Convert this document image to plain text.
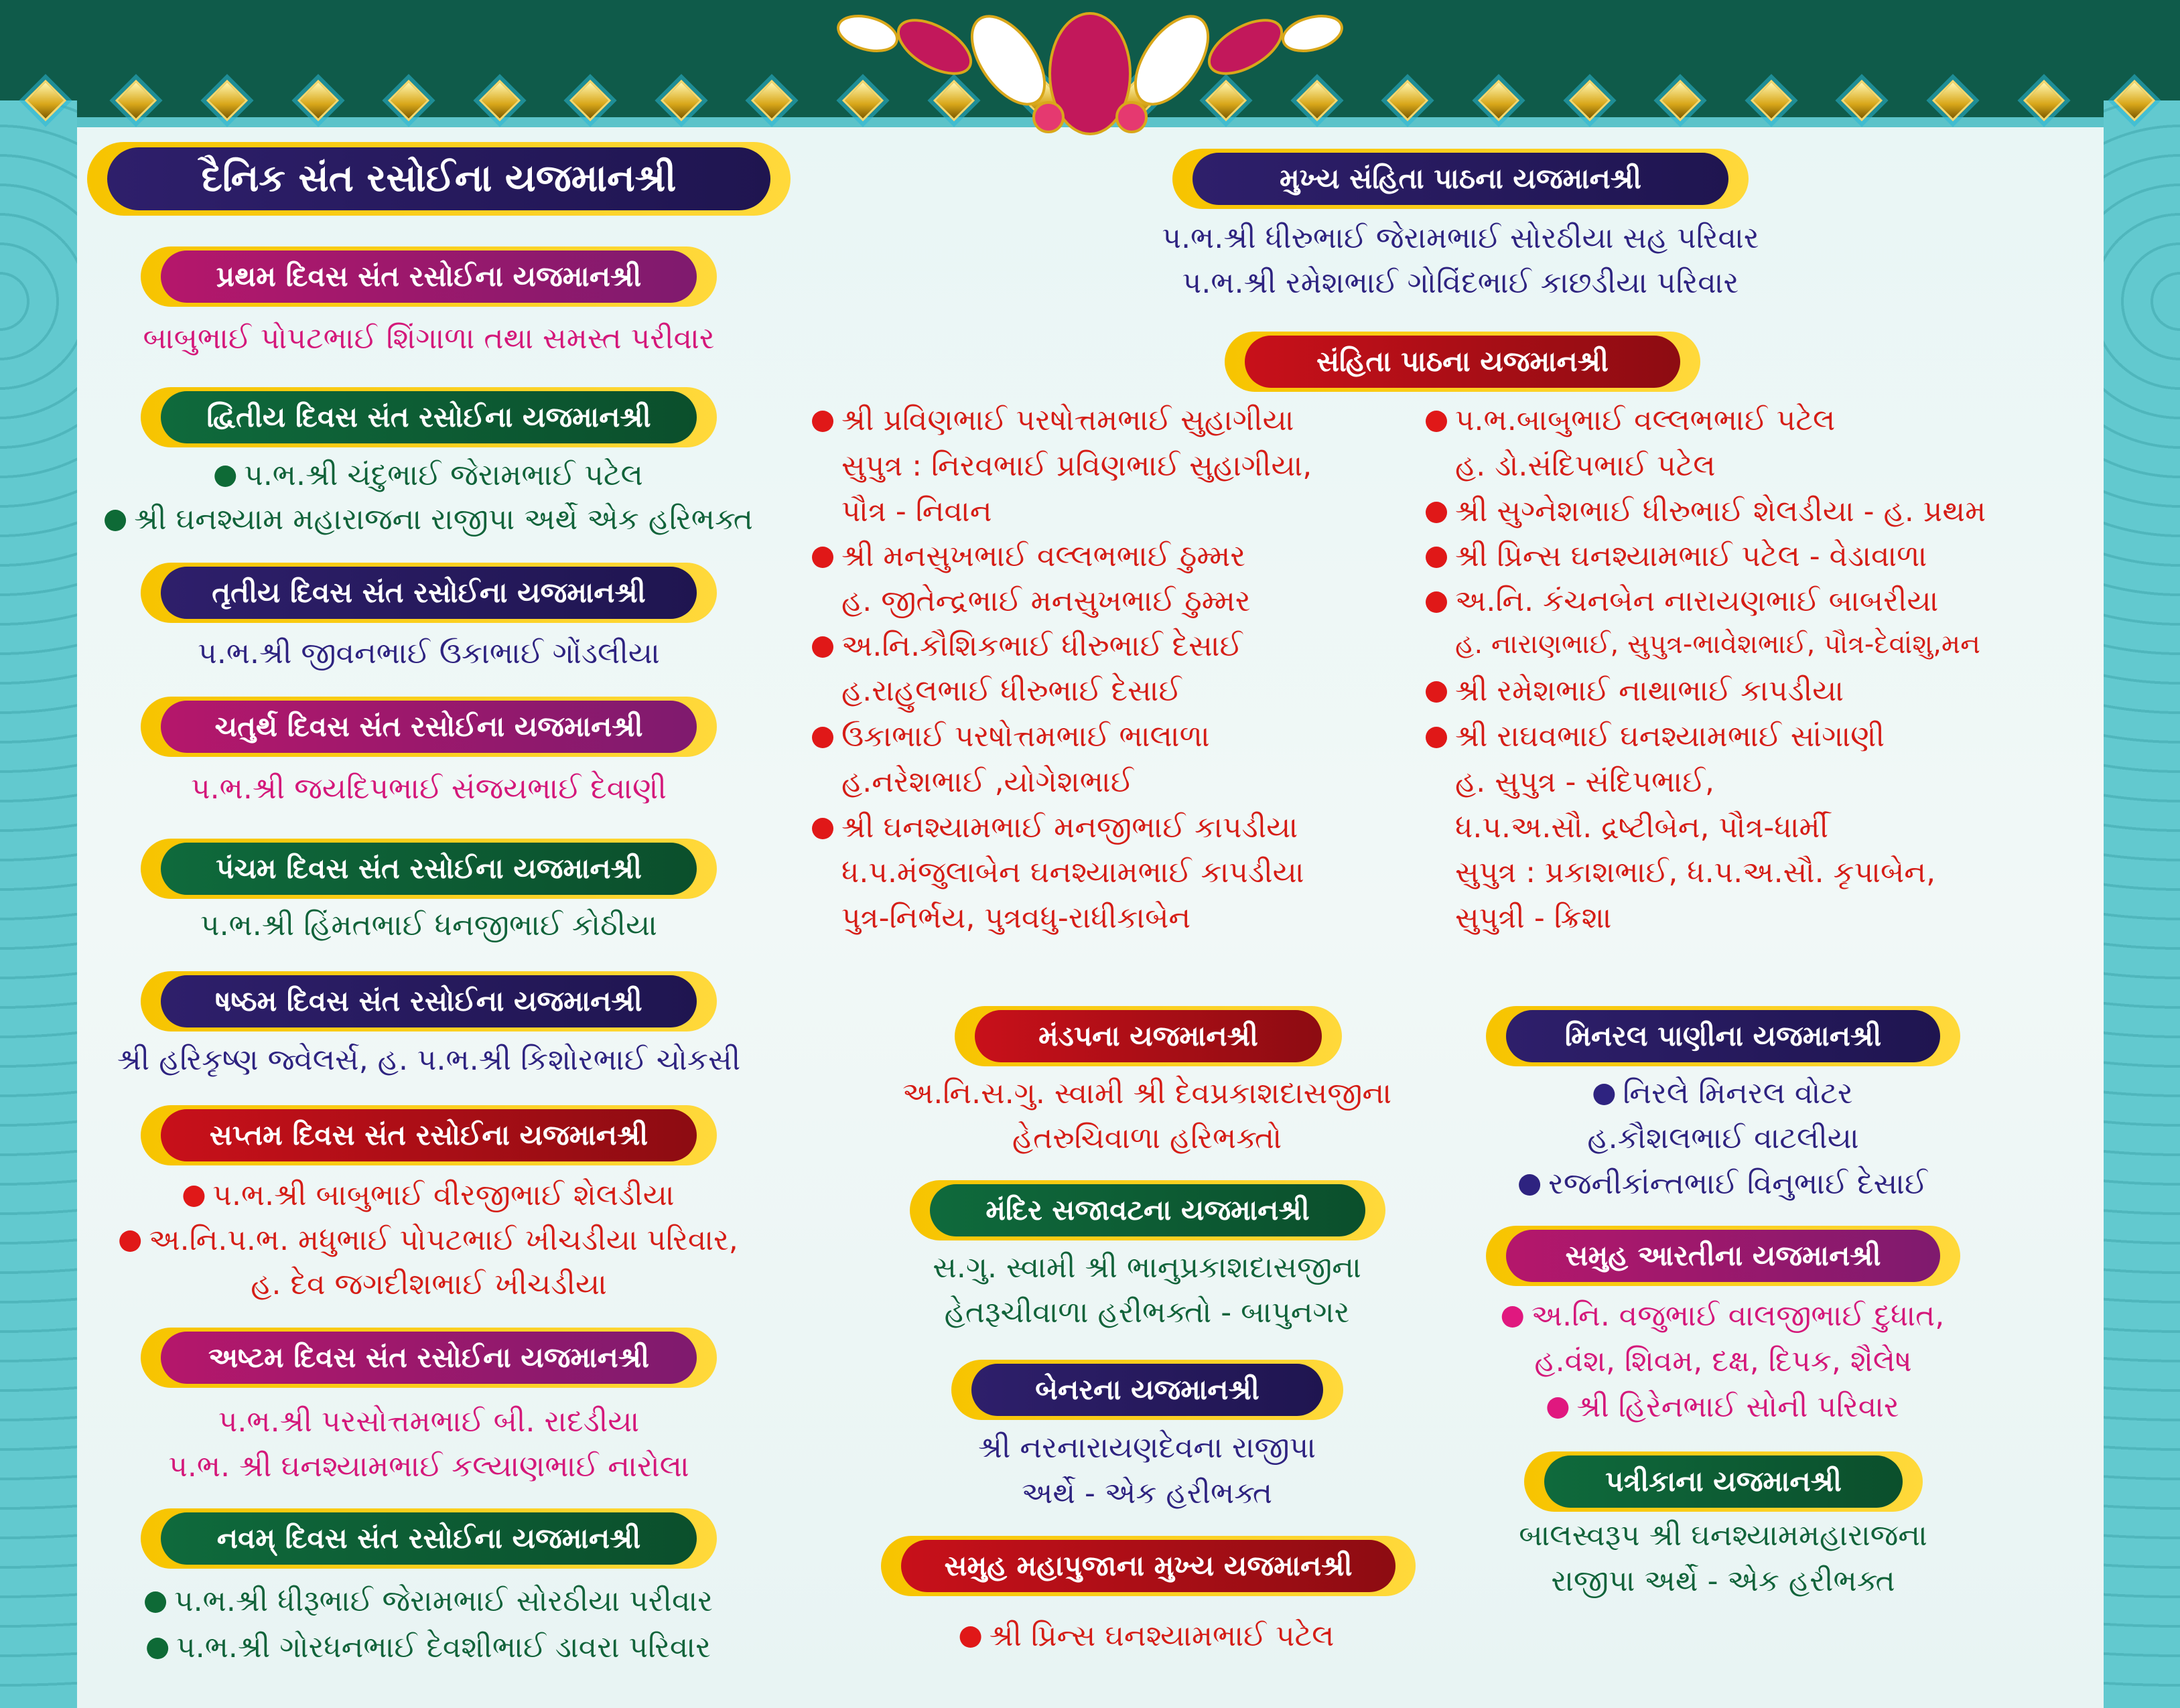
દૈનિક સંત રસોઈના યજમાનશ્રી
પ્રથમ દિવસ સંત રસોઈના યજમાનશ્રી
બાબુભાઈ પોપટભાઈ શિંગાળા તથા સમસ્ત પરીવાર
દ્વિતીય દિવસ સંત રસોઈના યજમાનશ્રી
પ.ભ.શ્રી ચંદુભાઈ જેરામભાઈ પટેલ
શ્રી ઘનશ્યામ મહારાજના રાજીપા અર્થે એક હરિભક્ત
તૃતીય દિવસ સંત રસોઈના યજમાનશ્રી
પ.ભ.શ્રી જીવનભાઈ ઉકાભાઈ ગોંડલીયા
ચતુર્થ દિવસ સંત રસોઈના યજમાનશ્રી
પ.ભ.શ્રી જયદિપભાઈ સંજયભાઈ દેવાણી
પંચમ દિવસ સંત રસોઈના યજમાનશ્રી
પ.ભ.શ્રી હિંમતભાઈ ધનજીભાઈ કોઠીયા
ષષ્ઠમ દિવસ સંત રસોઈના યજમાનશ્રી
શ્રી હરિકૃષ્ણ જ્વેલર્સ, હ. પ.ભ.શ્રી કિશોરભાઈ ચોકસી
સપ્તમ દિવસ સંત રસોઈના યજમાનશ્રી
પ.ભ.શ્રી બાબુભાઈ વીરજીભાઈ શેલડીયા
અ.નિ.પ.ભ. મધુભાઈ પોપટભાઈ ખીચડીયા પરિવાર,
હ. દેવ જગદીશભાઈ ખીચડીયા
અષ્ટમ દિવસ સંત રસોઈના યજમાનશ્રી
પ.ભ.શ્રી પરસોત્તમભાઈ બી. રાદડીયા
પ.ભ. શ્રી ઘનશ્યામભાઈ કલ્યાણભાઈ નારોલા
નવમ્ દિવસ સંત રસોઈના યજમાનશ્રી
પ.ભ.શ્રી ધીરૂભાઈ જેરામભાઈ સોરઠીયા પરીવાર
પ.ભ.શ્રી ગોરધનભાઈ દેવશીભાઈ ડાવરા પરિવાર
મુખ્ય સંહિતા પાઠના યજમાનશ્રી
પ.ભ.શ્રી ધીરુભાઈ જેરામભાઈ સોરઠીયા સહ પરિવાર
પ.ભ.શ્રી રમેશભાઈ ગોવિંદભાઈ કાછડીયા પરિવાર
સંહિતા પાઠના યજમાનશ્રી
શ્રી પ્રવિણભાઈ પરષોત્તમભાઈ સુહાગીયા
સુપુત્ર : નિરવભાઈ પ્રવિણભાઈ સુહાગીયા,
પૌત્ર - નિવાન
શ્રી મનસુખભાઈ વલ્લભભાઈ ઠુમ્મર
હ. જીતેન્દ્રભાઈ મનસુખભાઈ ઠુમ્મર
અ.નિ.કૌશિકભાઈ ધીરુભાઈ દેસાઈ
હ.રાહુલભાઈ ધીરુભાઈ દેસાઈ
ઉકાભાઈ પરષોત્તમભાઈ ભાલાળા
હ.નરેશભાઈ ,યોગેશભાઈ
શ્રી ઘનશ્યામભાઈ મનજીભાઈ કાપડીયા
ધ.પ.મંજુલાબેન ઘનશ્યામભાઈ કાપડીયા
પુત્ર-નિર્ભય, પુત્રવધુ-રાધીકાબેન
પ.ભ.બાબુભાઈ વલ્લભભાઈ પટેલ
હ. ડો.સંદિપભાઈ પટેલ
શ્રી સુગ્નેશભાઈ ધીરુભાઈ શેલડીયા - હ. પ્રથમ
શ્રી પ્રિન્સ ઘનશ્યામભાઈ પટેલ - વેડાવાળા
અ.નિ. કંચનબેન નારાયણભાઈ બાબરીયા
હ. નારાણભાઈ, સુપુત્ર-ભાવેશભાઈ, પૌત્ર-દેવાંશુ,મન
શ્રી રમેશભાઈ નાથાભાઈ કાપડીયા
શ્રી રાઘવભાઈ ઘનશ્યામભાઈ સાંગાણી
હ. સુપુત્ર - સંદિપભાઈ,
ધ.પ.અ.સૌ. દ્રષ્ટીબેન, પૌત્ર-ધાર્મી
સુપુત્ર : પ્રકાશભાઈ, ધ.પ.અ.સૌ. કૃપાબેન,
સુપુત્રી - ક્રિશા
મંડપના યજમાનશ્રી
અ.નિ.સ.ગુ. સ્વામી શ્રી દેવપ્રકાશદાસજીના
હેતરુચિવાળા હરિભક્તો
મંદિર સજાવટના યજમાનશ્રી
સ.ગુ. સ્વામી શ્રી ભાનુપ્રકાશદાસજીના
હેતરૂચીવાળા હરીભક્તો - બાપુનગર
બેનરના યજમાનશ્રી
શ્રી નરનારાયણદેવના રાજીપા
અર્થે - એક હરીભક્ત
સમુહ મહાપુજાના મુખ્ય યજમાનશ્રી
શ્રી પ્રિન્સ ઘનશ્યામભાઈ પટેલ
મિનરલ પાણીના યજમાનશ્રી
નિરલે મિનરલ વોટર
હ.કૌશલભાઈ વાટલીયા
રજનીકાંન્તભાઈ વિનુભાઈ દેસાઈ
સમુહ આરતીના યજમાનશ્રી
અ.નિ. વજુભાઈ વાલજીભાઈ દુધાત,
હ.વંશ, શિવમ, દક્ષ, દિપક, શૈલેષ
શ્રી હિરેનભાઈ સોની પરિવાર
પત્રીકાના યજમાનશ્રી
બાલસ્વરૂપ શ્રી ઘનશ્યામમહારાજના
રાજીપા અર્થે - એક હરીભક્ત
